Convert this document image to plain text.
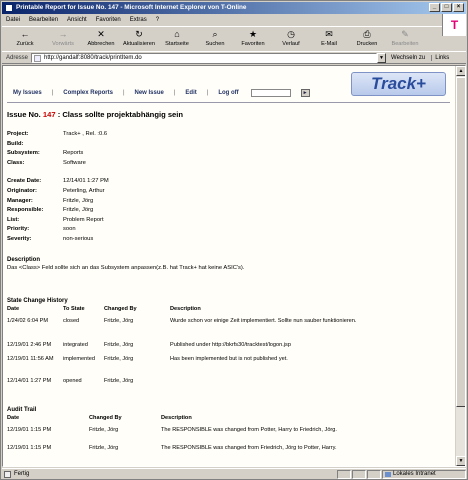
Printable Report for Issue No. 147 - Microsoft Internet Explorer von T-Online	_	□	×
Datei Bearbeiten Ansicht Favoriten Extras ?	T
←
Zurück
→
Vorwärts
✕
Abbrechen
↻
Aktualisieren
⌂
Startseite
⌕
Suchen
★
Favoriten
◷
Verlauf
✉
E-Mail
⎙
Drucken
✎
Bearbeiten
Adresse	http://gandalf:8080/track/printItem.do	▼	Wechseln zu	Links
My Issues | Complex Reports | New Issue | Edit | Log off	►	Track+
Issue No. 147 : Class sollte projektabhängig sein
Project:	Track+ , Rel. :0.6
Build:
Subsystem:	Reports
Class:	Software
Create Date:	12/14/01 1:27 PM
Originator:	Peterling, Arthur
Manager:	Fritzle, Jörg
Responsible:	Fritzle, Jörg
List:	Problem Report
Priority:	soon
Severity:	non-serious
Description
Das <Class> Feld sollte sich an das Subsystem anpassen(z.B. hat Track+ hat keine ASIC's).
State Change History
Date	To State	Changed By	Description
1/24/02 6:04 PM	closed	Fritzle, Jörg	Wurde schon vor einige Zeit implementiert. Sollte nun sauber funktionieren.
12/19/01 2:46 PM	integrated	Fritzle, Jörg	Published under http://bkrfs30/tracktest/logon.jsp
12/19/01 11:56 AM	implemented	Fritzle, Jörg	Has been implemented but is not published yet.
12/14/01 1:27 PM	opened	Fritzle, Jörg	
Audit Trail
Date	Changed By	Description
12/19/01 1:15 PM	Fritzle, Jörg	The RESPONSIBLE was changed from Potter, Harry to Friedrich, Jörg.
12/19/01 1:15 PM	Fritzle, Jörg	The RESPONSIBLE was changed from Friedrich, Jörg to Potter, Harry.
▲
▼
Fertig	Lokales Intranet
